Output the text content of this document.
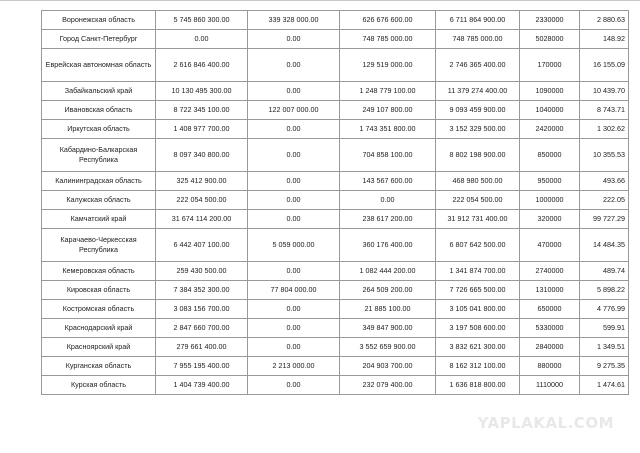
Воронежская область	5 745 860 300.00	339 328 000.00	626 676 600.00	6 711 864 900.00	2330000	2 880.63
Город Санкт-Петербург	0.00	0.00	748 785 000.00	748 785 000.00	5028000	148.92
Еврейская автономная область	2 616 846 400.00	0.00	129 519 000.00	2 746 365 400.00	170000	16 155.09
Забайкальский край	10 130 495 300.00	0.00	1 248 779 100.00	11 379 274 400.00	1090000	10 439.70
Ивановская область	8 722 345 100.00	122 007 000.00	249 107 800.00	9 093 459 900.00	1040000	8 743.71
Иркутская область	1 408 977 700.00	0.00	1 743 351 800.00	3 152 329 500.00	2420000	1 302.62
Кабардино-Балкарская Республика	8 097 340 800.00	0.00	704 858 100.00	8 802 198 900.00	850000	10 355.53
Калининградская область	325 412 900.00	0.00	143 567 600.00	468 980 500.00	950000	493.66
Калужская область	222 054 500.00	0.00	0.00	222 054 500.00	1000000	222.05
Камчатский край	31 674 114 200.00	0.00	238 617 200.00	31 912 731 400.00	320000	99 727.29
Карачаево-Черкесская Республика	6 442 407 100.00	5 059 000.00	360 176 400.00	6 807 642 500.00	470000	14 484.35
Кемеровская область	259 430 500.00	0.00	1 082 444 200.00	1 341 874 700.00	2740000	489.74
Кировская область	7 384 352 300.00	77 804 000.00	264 509 200.00	7 726 665 500.00	1310000	5 898.22
Костромская область	3 083 156 700.00	0.00	21 885 100.00	3 105 041 800.00	650000	4 776.99
Краснодарский край	2 847 660 700.00	0.00	349 847 900.00	3 197 508 600.00	5330000	599.91
Красноярский край	279 661 400.00	0.00	3 552 659 900.00	3 832 621 300.00	2840000	1 349.51
Курганская область	7 955 195 400.00	2 213 000.00	204 903 700.00	8 162 312 100.00	880000	9 275.35
Курская область	1 404 739 400.00	0.00	232 079 400.00	1 636 818 800.00	1110000	1 474.61
YAPLAKAL.COM
